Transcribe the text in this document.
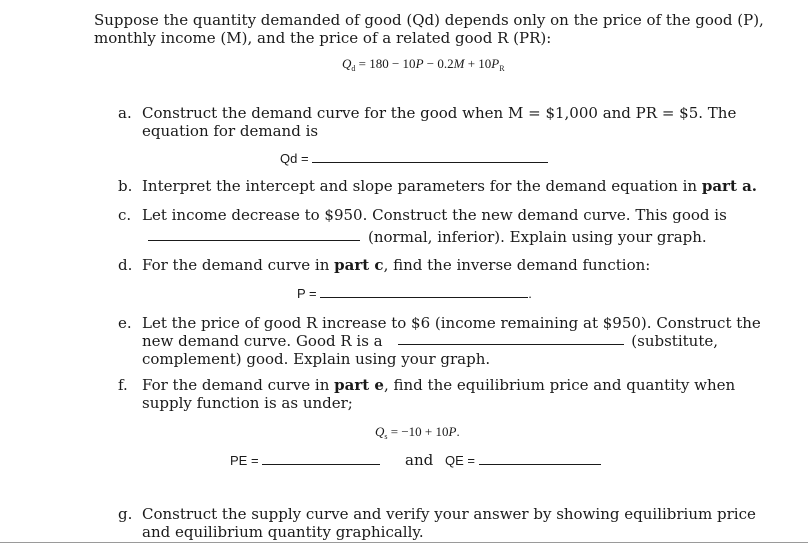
Suppose the quantity demanded of good (Qd) depends only on the price of the good (P),
monthly income (M), and the price of a related good R (PR):
$Q_d = 180 - 10P - 0.2M + 10P_R$
a. Construct the demand curve for the good when M = $1,000 and PR = $5. The
equation for demand is
Qd =
b. Interpret the intercept and slope parameters for the demand equation in part a.
c. Let income decrease to $950. Construct the new demand curve. This good is
(normal, inferior). Explain using your graph.
d. For the demand curve in part c, find the inverse demand function:
P =	.
e. Let the price of good R increase to $6 (income remaining at $950). Construct the
new demand curve. Good R is a	(substitute,
complement) good. Explain using your graph.
f. For the demand curve in part e, find the equilibrium price and quantity when
supply function is as under;
$Q_s = -10 + 10P$.
PE =	and QE =
g. Construct the supply curve and verify your answer by showing equilibrium price
and equilibrium quantity graphically.
